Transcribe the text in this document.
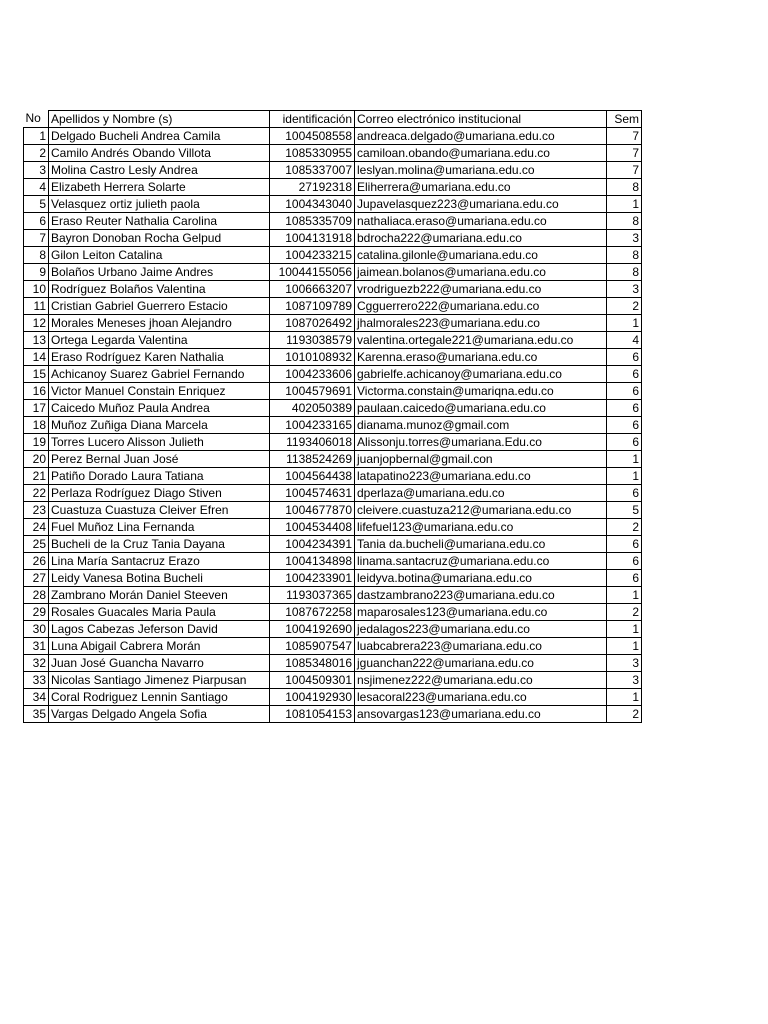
No	Apellidos y Nombre (s)	identificación	Correo electrónico institucional	Sem
1	Delgado Bucheli Andrea Camila	1004508558	andreaca.delgado@umariana.edu.co	7
2	Camilo Andrés Obando Villota	1085330955	camiloan.obando@umariana.edu.co	7
3	Molina Castro Lesly Andrea	1085337007	leslyan.molina@umariana.edu.co	7
4	Elizabeth Herrera Solarte	27192318	Eliherrera@umariana.edu.co	8
5	Velasquez ortiz julieth paola	1004343040	Jupavelasquez223@umariana.edu.co	1
6	Eraso Reuter Nathalia Carolina	1085335709	nathaliaca.eraso@umariana.edu.co	8
7	Bayron Donoban Rocha Gelpud	1004131918	bdrocha222@umariana.edu.co	3
8	Gilon Leiton Catalina	1004233215	catalina.gilonle@umariana.edu.co	8
9	Bolaños Urbano Jaime Andres	10044155056	jaimean.bolanos@umariana.edu.co	8
10	Rodríguez Bolaños Valentina	1006663207	vrodriguezb222@umariana.edu.co	3
11	Cristian Gabriel Guerrero Estacio	1087109789	Cgguerrero222@umariana.edu.co	2
12	Morales Meneses jhoan Alejandro	1087026492	jhalmorales223@umariana.edu.co	1
13	Ortega Legarda Valentina	1193038579	valentina.ortegale221@umariana.edu.co	4
14	Eraso Rodríguez Karen Nathalia	1010108932	Karenna.eraso@umariana.edu.co	6
15	Achicanoy Suarez Gabriel Fernando	1004233606	gabrielfe.achicanoy@umariana.edu.co	6
16	Victor Manuel Constain Enriquez	1004579691	Victorma.constain@umariqna.edu.co	6
17	Caicedo Muñoz Paula Andrea	402050389	paulaan.caicedo@umariana.edu.co	6
18	Muñoz Zuñiga Diana Marcela	1004233165	dianama.munoz@gmail.com	6
19	Torres Lucero Alisson Julieth	1193406018	Alissonju.torres@umariana.Edu.co	6
20	Perez Bernal Juan José	1138524269	juanjopbernal@gmail.con	1
21	Patiño Dorado Laura Tatiana	1004564438	latapatino223@umariana.edu.co	1
22	Perlaza Rodríguez Diago Stiven	1004574631	dperlaza@umariana.edu.co	6
23	Cuastuza Cuastuza Cleiver Efren	1004677870	cleivere.cuastuza212@umariana.edu.co	5
24	Fuel Muñoz Lina Fernanda	1004534408	lifefuel123@umariana.edu.co	2
25	Bucheli de la Cruz Tania Dayana	1004234391	Tania da.bucheli@umariana.edu.co	6
26	Lina María Santacruz Erazo	1004134898	linama.santacruz@umariana.edu.co	6
27	Leidy Vanesa Botina Bucheli	1004233901	leidyva.botina@umariana.edu.co	6
28	Zambrano Morán Daniel Steeven	1193037365	dastzambrano223@umariana.edu.co	1
29	Rosales Guacales Maria Paula	1087672258	maparosales123@umariana.edu.co	2
30	Lagos Cabezas Jeferson David	1004192690	jedalagos223@umariana.edu.co	1
31	Luna Abigail Cabrera Morán	1085907547	luabcabrera223@umariana.edu.co	1
32	Juan José Guancha Navarro	1085348016	jguanchan222@umariana.edu.co	3
33	Nicolas Santiago Jimenez Piarpusan	1004509301	nsjimenez222@umariana.edu.co	3
34	Coral Rodriguez Lennin Santiago	1004192930	lesacoral223@umariana.edu.co	1
35	Vargas Delgado Angela Sofia	1081054153	ansovargas123@umariana.edu.co	2
